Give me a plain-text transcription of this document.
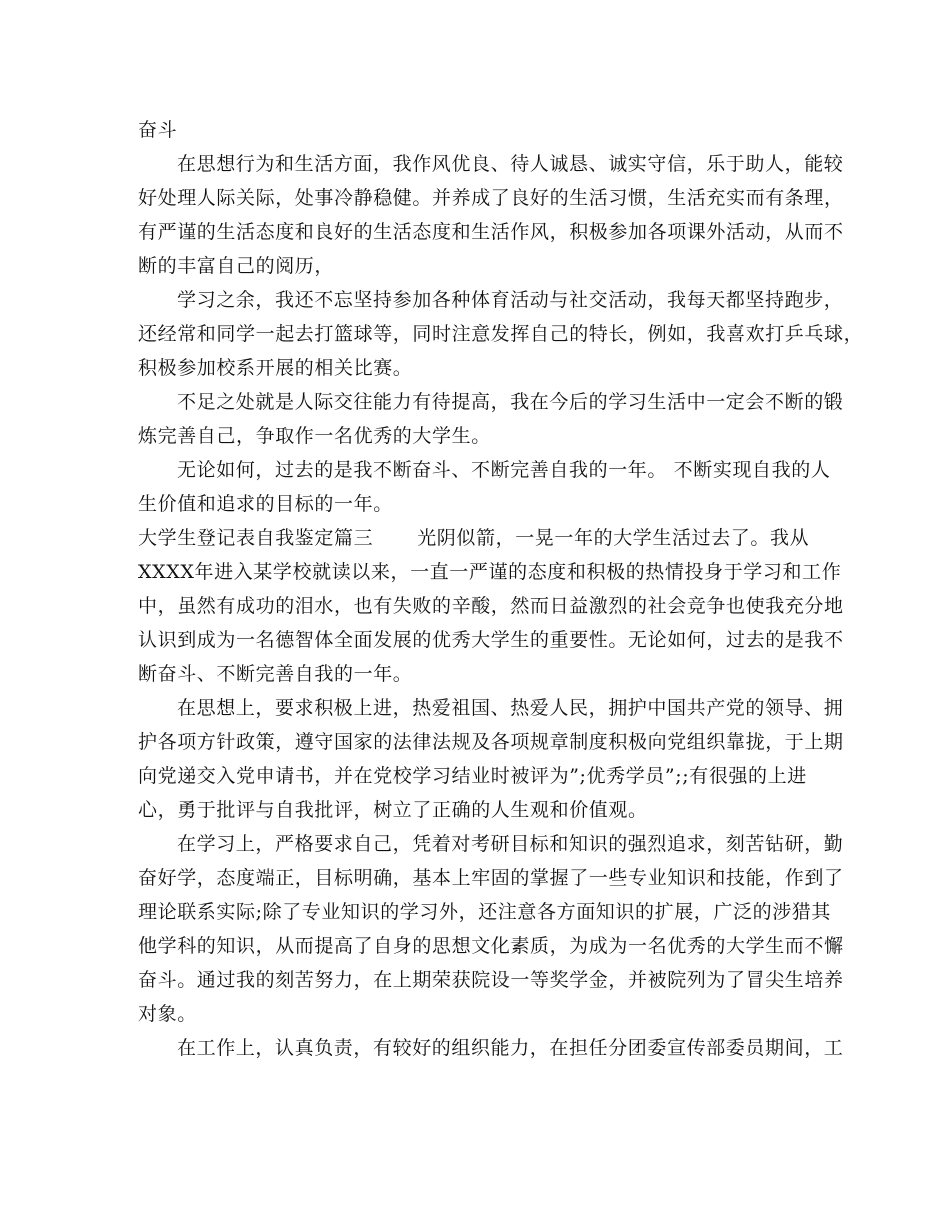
奋斗
在思想行为和生活方面，我作风优良、待人诚恳、诚实守信，乐于助人，能较
好处理人际关际，处事冷静稳健。并养成了良好的生活习惯，生活充实而有条理，
有严谨的生活态度和良好的生活态度和生活作风，积极参加各项课外活动，从而不
断的丰富自己的阅历，
学习之余，我还不忘坚持参加各种体育活动与社交活动，我每天都坚持跑步，
还经常和同学一起去打篮球等，同时注意发挥自己的特长，例如，我喜欢打乒乓球，
积极参加校系开展的相关比赛。
不足之处就是人际交往能力有待提高，我在今后的学习生活中一定会不断的锻
炼完善自己，争取作一名优秀的大学生。
无论如何，过去的是我不断奋斗、不断完善自我的一年。 不断实现自我的人
生价值和追求的目标的一年。
大学生登记表自我鉴定篇三 光阴似箭，一晃一年的大学生活过去了。我从
XXXX年进入某学校就读以来，一直一严谨的态度和积极的热情投身于学习和工作
中，虽然有成功的泪水，也有失败的辛酸，然而日益激烈的社会竞争也使我充分地
认识到成为一名德智体全面发展的优秀大学生的重要性。无论如何，过去的是我不
断奋斗、不断完善自我的一年。
在思想上，要求积极上进，热爱祖国、热爱人民，拥护中国共产党的领导、拥
护各项方针政策，遵守国家的法律法规及各项规章制度积极向党组织靠拢，于上期
向党递交入党申请书，并在党校学习结业时被评为”;优秀学员”;;有很强的上进
心，勇于批评与自我批评，树立了正确的人生观和价值观。
在学习上，严格要求自己，凭着对考研目标和知识的强烈追求，刻苦钻研，勤
奋好学，态度端正，目标明确，基本上牢固的掌握了一些专业知识和技能，作到了
理论联系实际;除了专业知识的学习外，还注意各方面知识的扩展，广泛的涉猎其
他学科的知识，从而提高了自身的思想文化素质，为成为一名优秀的大学生而不懈
奋斗。通过我的刻苦努力，在上期荣获院设一等奖学金，并被院列为了冒尖生培养
对象。
在工作上，认真负责，有较好的组织能力，在担任分团委宣传部委员期间，工
